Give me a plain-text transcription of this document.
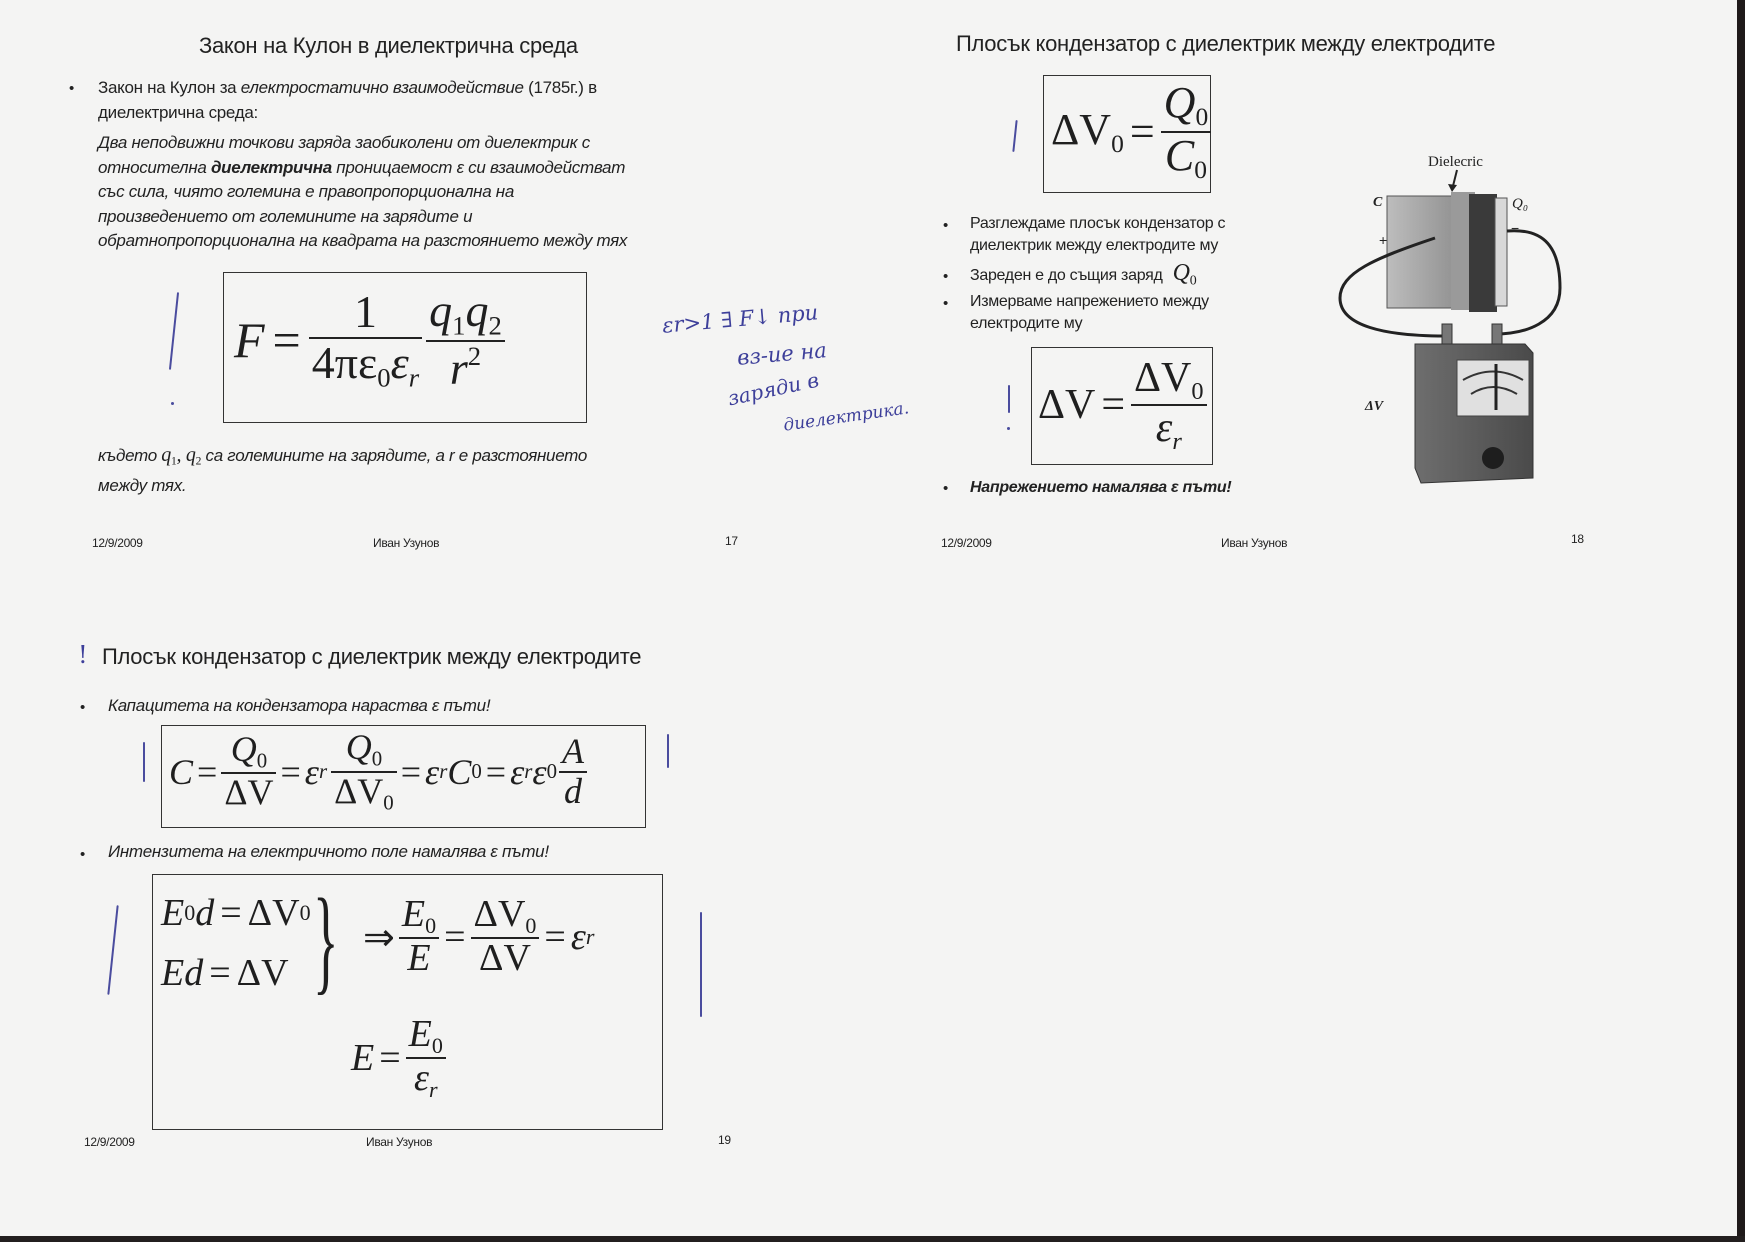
Закон на Кулон в диелектрична среда
• Закон на Кулон за електростатично взаимодействие (1785г.) в
диелектрична среда:
Два неподвижни точкови заряда заобиколени от диелектрик с
относителна диелектрична проницаемост ε си взаимодействат
със сила, чиято големина е правопропорционална на
произведението от големините на зарядите и
обратнопропорционална на квадрата на разстоянието между тях
$F = \frac{1}{4\pi\varepsilon_0\varepsilon r} \frac{q_1q_2}{r^2}$
където $q_1$, $q_2$ са големините на зарядите, а r е разстоянието
между тях.
12/9/2009	Иван Узунов	17
εr>1 ∃ F↓ при
вз-ие на
заряди в
диелектрика.
Плосък кондензатор с диелектрик между електродите
$\Delta V_0 = \frac{Q_0}{C_0}$
• Разглеждаме плосък кондензатор с
диелектрик между електродите му
• Зареден е до същия заряд $Q_0$
• Измерваме напрежението между
електродите му
$\Delta V = \frac{\Delta V_0}{\varepsilon r}$
• Напрежението намалява ε пъти!
Dielecric
C	Q₀
+
−
ΔV
12/9/2009	Иван Узунов	18
! Плосък кондензатор с диелектрик между електродите
• Капацитета на кондензатора нараства ε пъти!
$C = \frac{Q_0}{\Delta V} = \varepsilon$ r $\frac{Q_0}{\Delta V_0} = \varepsilon$ r C 0 = ε r ε $0 \frac{A}{d}$
• Интензитета на електричното поле намалява ε пъти!
E 0 d = ΔV 0
E d = ΔV } ⇒ $\frac{E_0}{E} = \frac{\Delta V_0}{\Delta V} = \varepsilon$ r
$E = \frac{E_0}{\varepsilon r}$
12/9/2009	Иван Узунов	19
